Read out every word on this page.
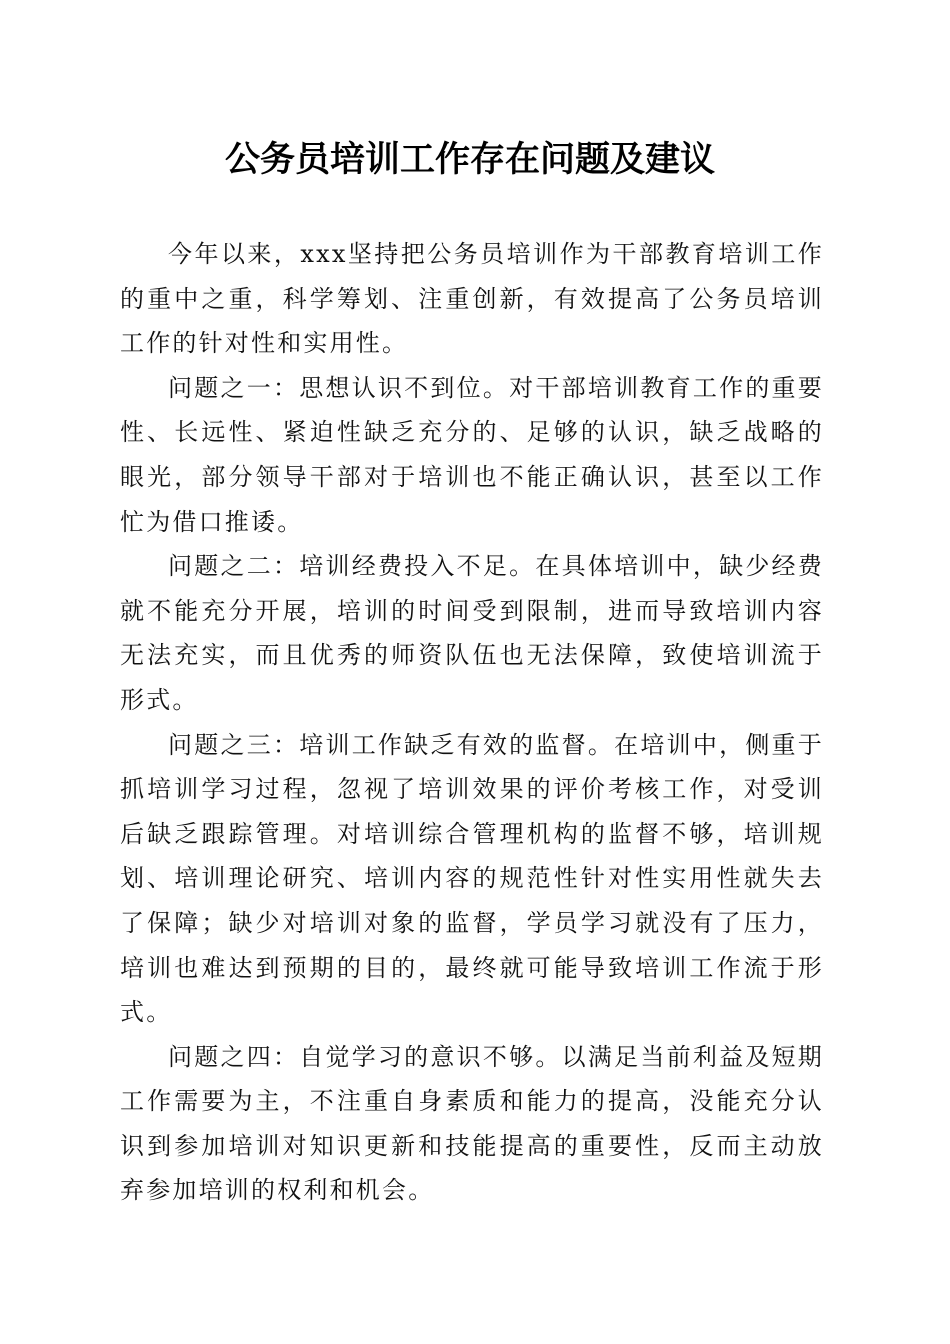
公务员培训工作存在问题及建议

今年以来，xxx坚持把公务员培训作为干部教育培训工作的重中之重，科学筹划、注重创新，有效提高了公务员培训工作的针对性和实用性。

问题之一：思想认识不到位。对干部培训教育工作的重要性、长远性、紧迫性缺乏充分的、足够的认识，缺乏战略的眼光，部分领导干部对于培训也不能正确认识，甚至以工作忙为借口推诿。

问题之二：培训经费投入不足。在具体培训中，缺少经费就不能充分开展，培训的时间受到限制，进而导致培训内容无法充实，而且优秀的师资队伍也无法保障，致使培训流于形式。

问题之三：培训工作缺乏有效的监督。在培训中，侧重于抓培训学习过程，忽视了培训效果的评价考核工作，对受训后缺乏跟踪管理。对培训综合管理机构的监督不够，培训规划、培训理论研究、培训内容的规范性针对性实用性就失去了保障；缺少对培训对象的监督，学员学习就没有了压力，培训也难达到预期的目的，最终就可能导致培训工作流于形式。

问题之四：自觉学习的意识不够。以满足当前利益及短期工作需要为主，不注重自身素质和能力的提高，没能充分认识到参加培训对知识更新和技能提高的重要性，反而主动放弃参加培训的权利和机会。
